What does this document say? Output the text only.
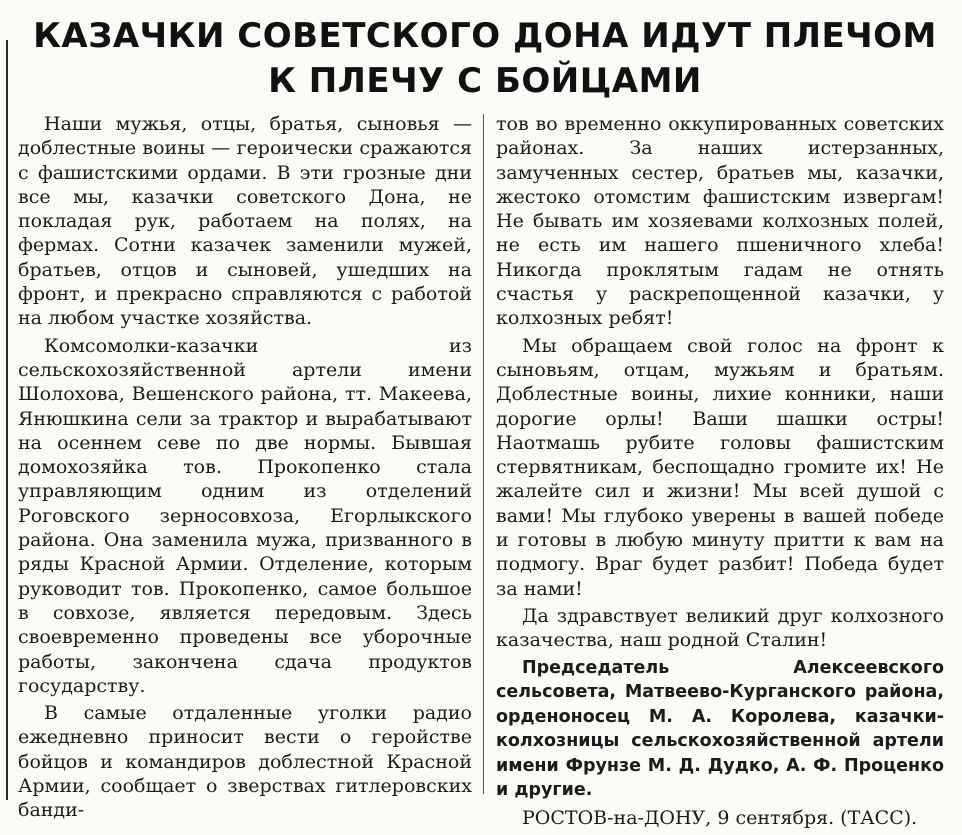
КАЗАЧКИ СОВЕТСКОГО ДОНА ИДУТ ПЛЕЧОМ
К ПЛЕЧУ С БОЙЦАМИ

Наши мужья, отцы, братья, сыновья — доблестные воины — героически сражаются с фашистскими ордами. В эти грозные дни все мы, казачки советского Дона, не покладая рук, работаем на полях, на фермах. Сотни казачек заменили мужей, братьев, отцов и сыновей, ушедших на фронт, и прекрасно справляются с работой на любом участке хозяйства.

Комсомолки-казачки из сельскохозяйственной артели имени Шолохова, Вешенского района, тт. Макеева, Янюшкина сели за трактор и вырабатывают на осеннем севе по две нормы. Бывшая домохозяйка тов. Прокопенко стала управляющим одним из отделений Роговского зерносовхоза, Егорлыкского района. Она заменила мужа, призванного в ряды Красной Армии. Отделение, которым руководит тов. Прокопенко, самое большое в совхозе, является передовым. Здесь своевременно проведены все уборочные работы, закончена сдача продуктов государству.

В самые отдаленные уголки радио ежедневно приносит вести о геройстве бойцов и командиров доблестной Красной Армии, сообщает о зверствах гитлеровских банди-

тов во временно оккупированных советских районах. За наших истерзанных, замученных сестер, братьев мы, казачки, жестоко отомстим фашистским извергам! Не бывать им хозяевами колхозных полей, не есть им нашего пшеничного хлеба! Никогда проклятым гадам не отнять счастья у раскрепощенной казачки, у колхозных ребят!

Мы обращаем свой голос на фронт к сыновьям, отцам, мужьям и братьям. Доблестные воины, лихие конники, наши дорогие орлы! Ваши шашки остры! Наотмашь рубите головы фашистским стервятникам, беспощадно громите их! Не жалейте сил и жизни! Мы всей душой с вами! Мы глубоко уверены в вашей победе и готовы в любую минуту притти к вам на подмогу. Враг будет разбит! Победа будет за нами!

Да здравствует великий друг колхозного казачества, наш родной Сталин!

Председатель Алексеевского сельсовета, Матвеево-Курганского района, орденоносец М. А. Королева, казачки-колхозницы сельскохозяйственной артели имени Фрунзе М. Д. Дудко, А. Ф. Проценко и другие.

РОСТОВ-на-ДОНУ, 9 сентября. (ТАСС).
